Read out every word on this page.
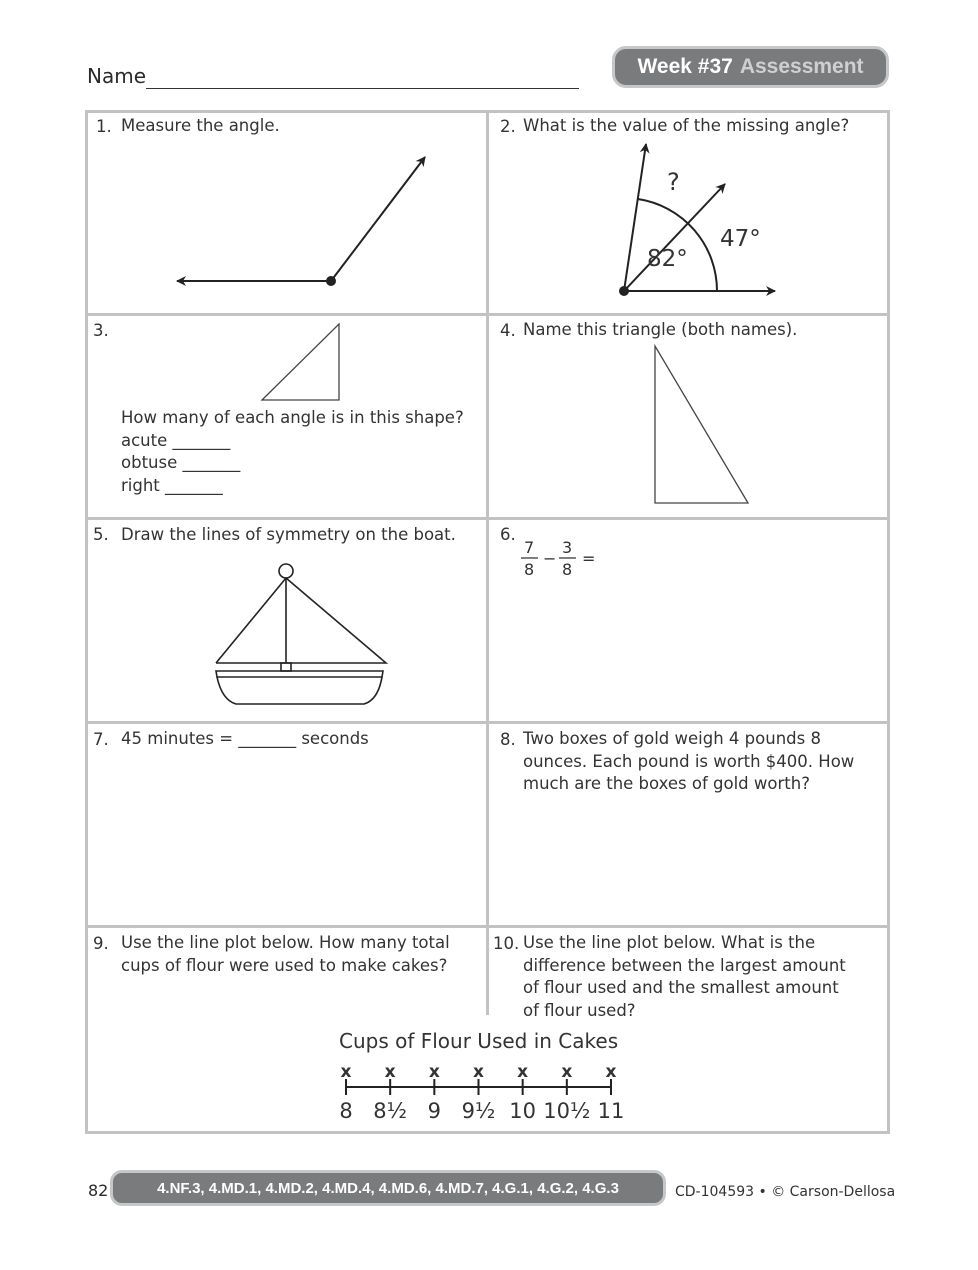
Name	Week #37 Assessment
1. Measure the angle.	2. What is the value of the missing angle?
3.
How many of each angle is in this shape?
acute _______
obtuse _______
right _______
4. Name this triangle (both names).
5. Draw the lines of symmetry on the boat.	6.
7. 45 minutes = _______ seconds	8. Two boxes of gold weigh 4 pounds 8 ounces. Each pound is worth $400. How much are the boxes of gold worth?
9. Use the line plot below. How many total cups of flour were used to make cakes?
10. Use the line plot below. What is the difference between the largest amount of flour used and the smallest amount of flour used?
?
47°
82°
7
8
−
3
8
=
Cups of Flour Used in Cakes
x
8
x
8½
x
9
x
9½
x
10
x
10½
x
11
82	4.NF.3, 4.MD.1, 4.MD.2, 4.MD.4, 4.MD.6, 4.MD.7, 4.G.1, 4.G.2, 4.G.3	CD-104593 • © Carson-Dellosa
